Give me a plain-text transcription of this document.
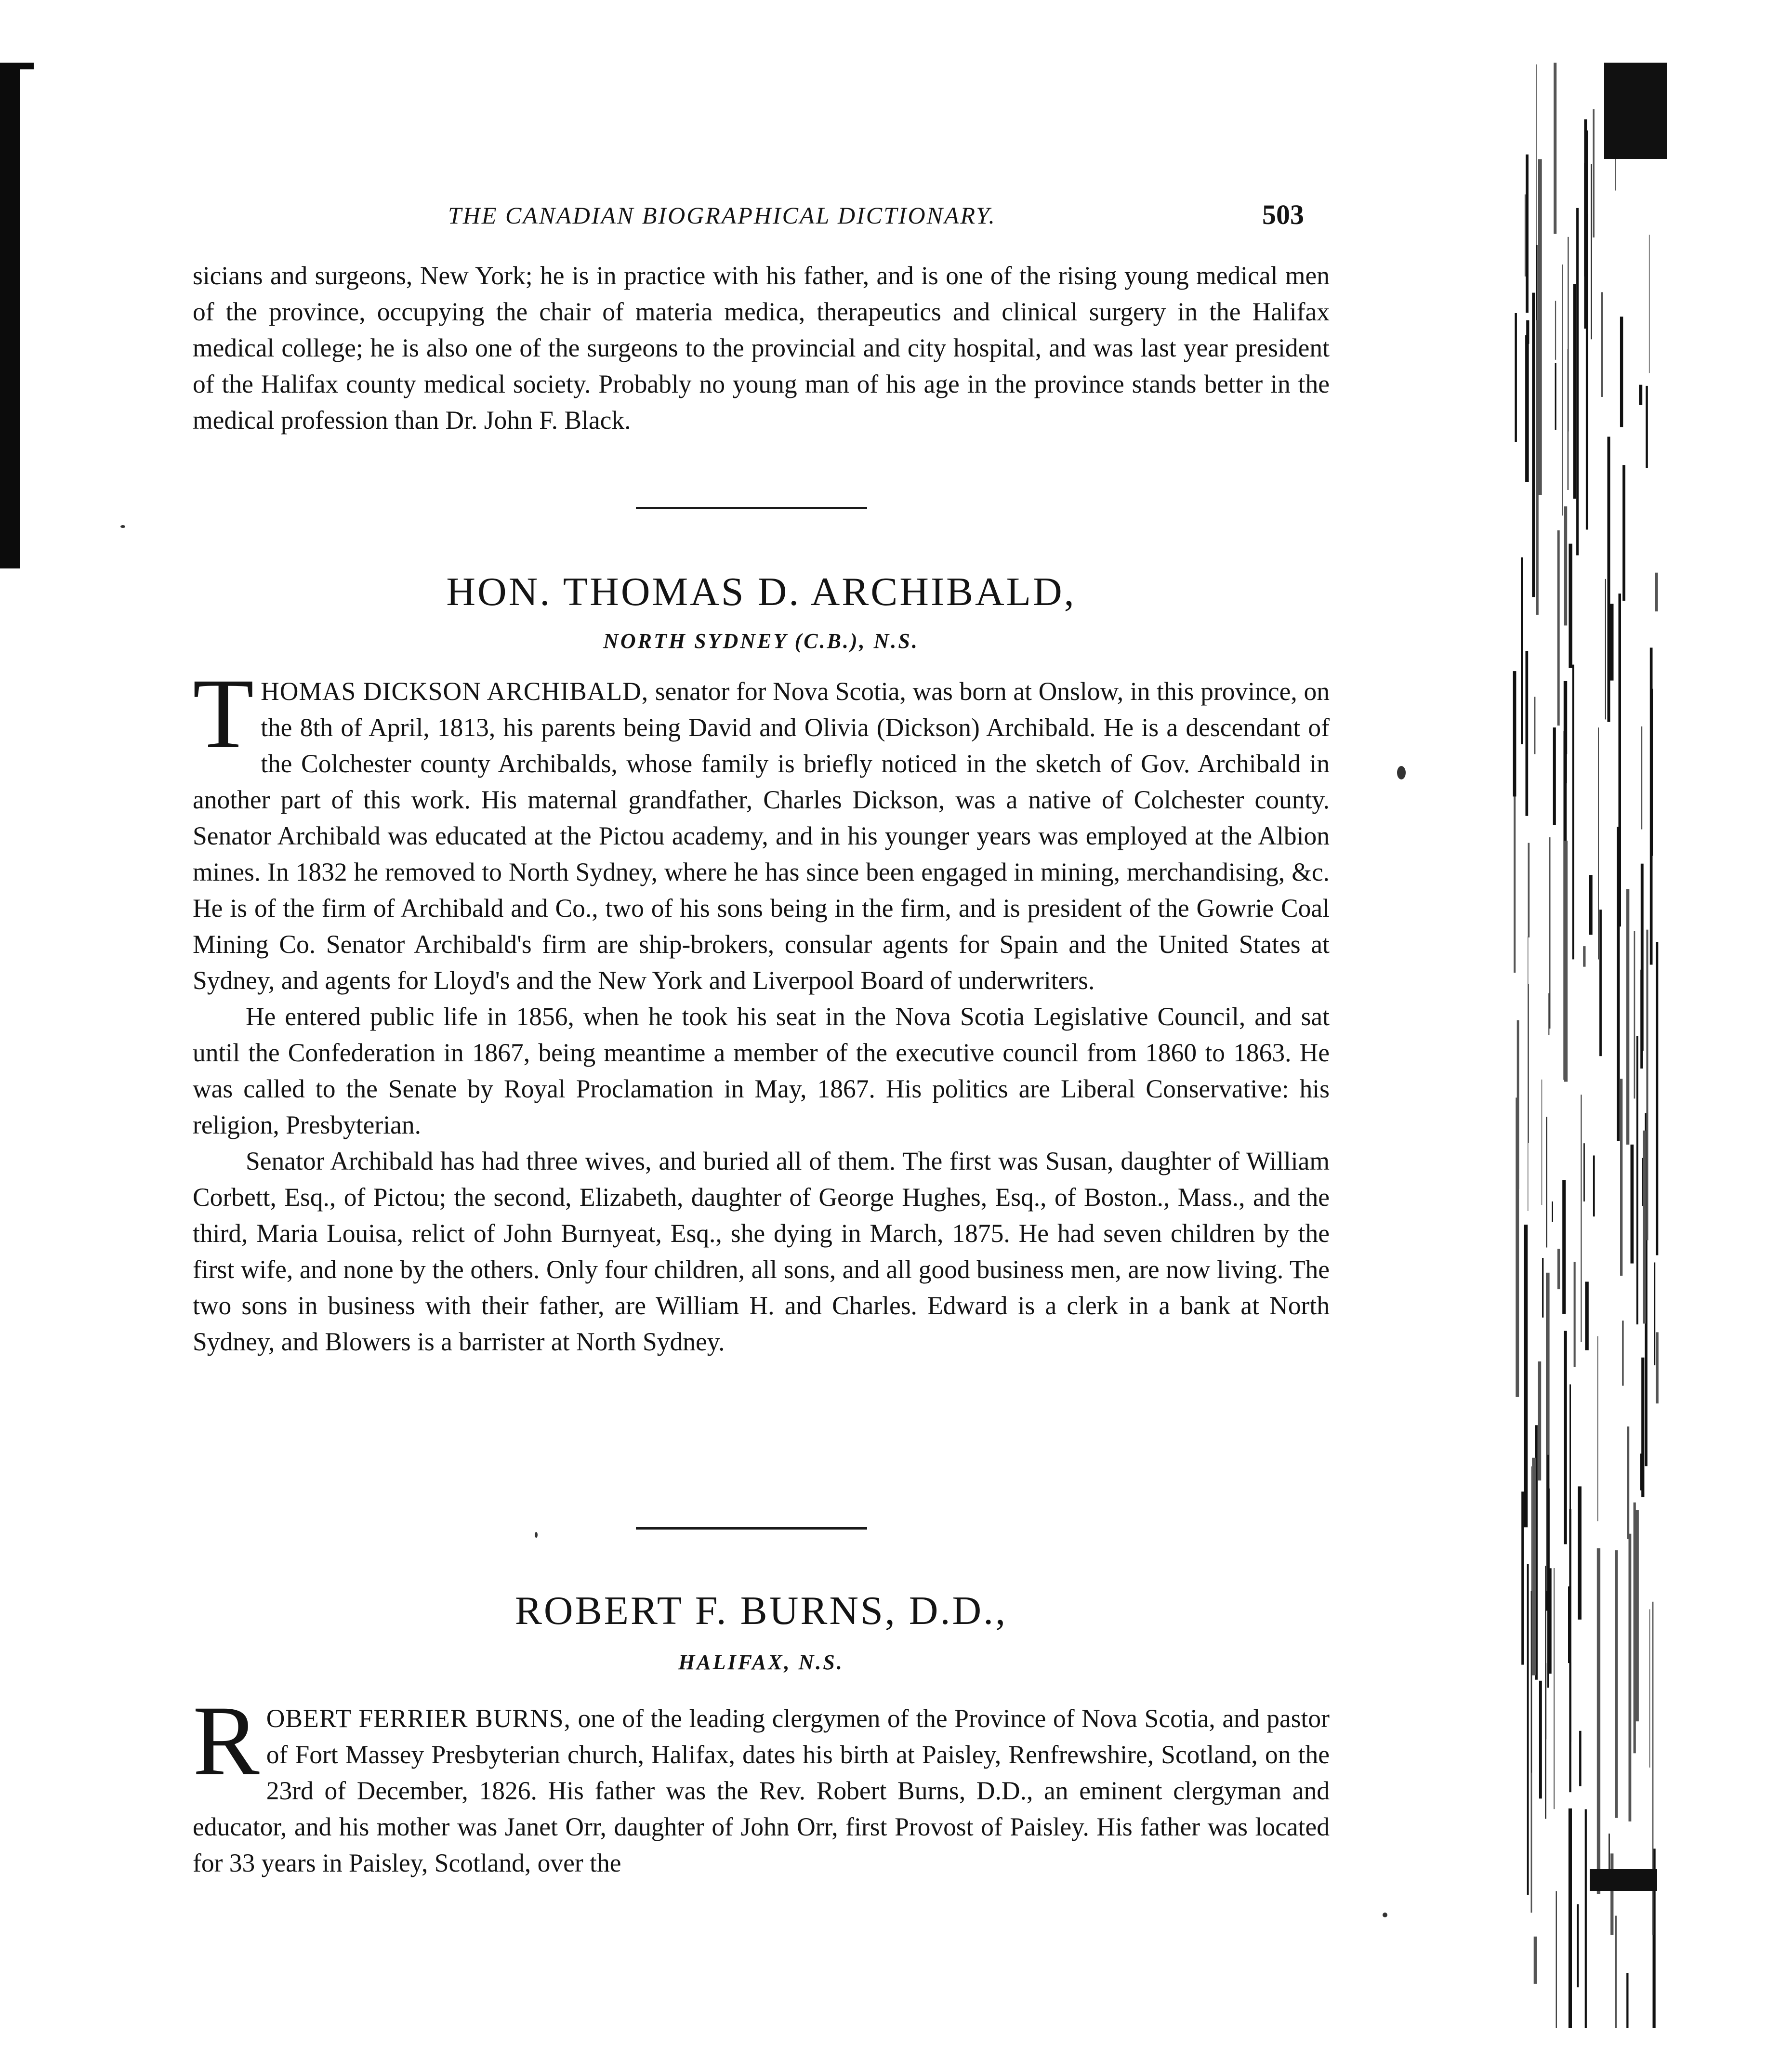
THE CANADIAN BIOGRAPHICAL DICTIONARY.	503

sicians and surgeons, New York; he is in practice with his father, and is one of the rising young medical men of the province, occupying the chair of materia medica, therapeutics and clinical surgery in the Halifax medical college; he is also one of the surgeons to the provincial and city hospital, and was last year president of the Halifax county medical society. Probably no young man of his age in the province stands better in the medical profession than Dr. John F. Black.

HON. THOMAS D. ARCHIBALD,
NORTH SYDNEY (C.B.), N.S.

THOMAS DICKSON ARCHIBALD, senator for Nova Scotia, was born at Onslow, in this province, on the 8th of April, 1813, his parents being David and Olivia (Dickson) Archibald. He is a descendant of the Colchester county Archibalds, whose family is briefly noticed in the sketch of Gov. Archibald in another part of this work. His maternal grandfather, Charles Dickson, was a native of Colchester county. Senator Archibald was educated at the Pictou academy, and in his younger years was employed at the Albion mines. In 1832 he removed to North Sydney, where he has since been engaged in mining, merchandising, &c. He is of the firm of Archibald and Co., two of his sons being in the firm, and is president of the Gowrie Coal Mining Co. Senator Archibald's firm are ship-brokers, consular agents for Spain and the United States at Sydney, and agents for Lloyd's and the New York and Liverpool Board of underwriters.

He entered public life in 1856, when he took his seat in the Nova Scotia Legislative Council, and sat until the Confederation in 1867, being meantime a member of the executive council from 1860 to 1863. He was called to the Senate by Royal Proclamation in May, 1867. His politics are Liberal Conservative: his religion, Presbyterian.

Senator Archibald has had three wives, and buried all of them. The first was Susan, daughter of William Corbett, Esq., of Pictou; the second, Elizabeth, daughter of George Hughes, Esq., of Boston., Mass., and the third, Maria Louisa, relict of John Burnyeat, Esq., she dying in March, 1875. He had seven children by the first wife, and none by the others. Only four children, all sons, and all good business men, are now living. The two sons in business with their father, are William H. and Charles. Edward is a clerk in a bank at North Sydney, and Blowers is a barrister at North Sydney.

ROBERT F. BURNS, D.D.,
HALIFAX, N.S.

ROBERT FERRIER BURNS, one of the leading clergymen of the Province of Nova Scotia, and pastor of Fort Massey Presbyterian church, Halifax, dates his birth at Paisley, Renfrewshire, Scotland, on the 23rd of December, 1826. His father was the Rev. Robert Burns, D.D., an eminent clergyman and educator, and his mother was Janet Orr, daughter of John Orr, first Provost of Paisley. His father was located for 33 years in Paisley, Scotland, over the
